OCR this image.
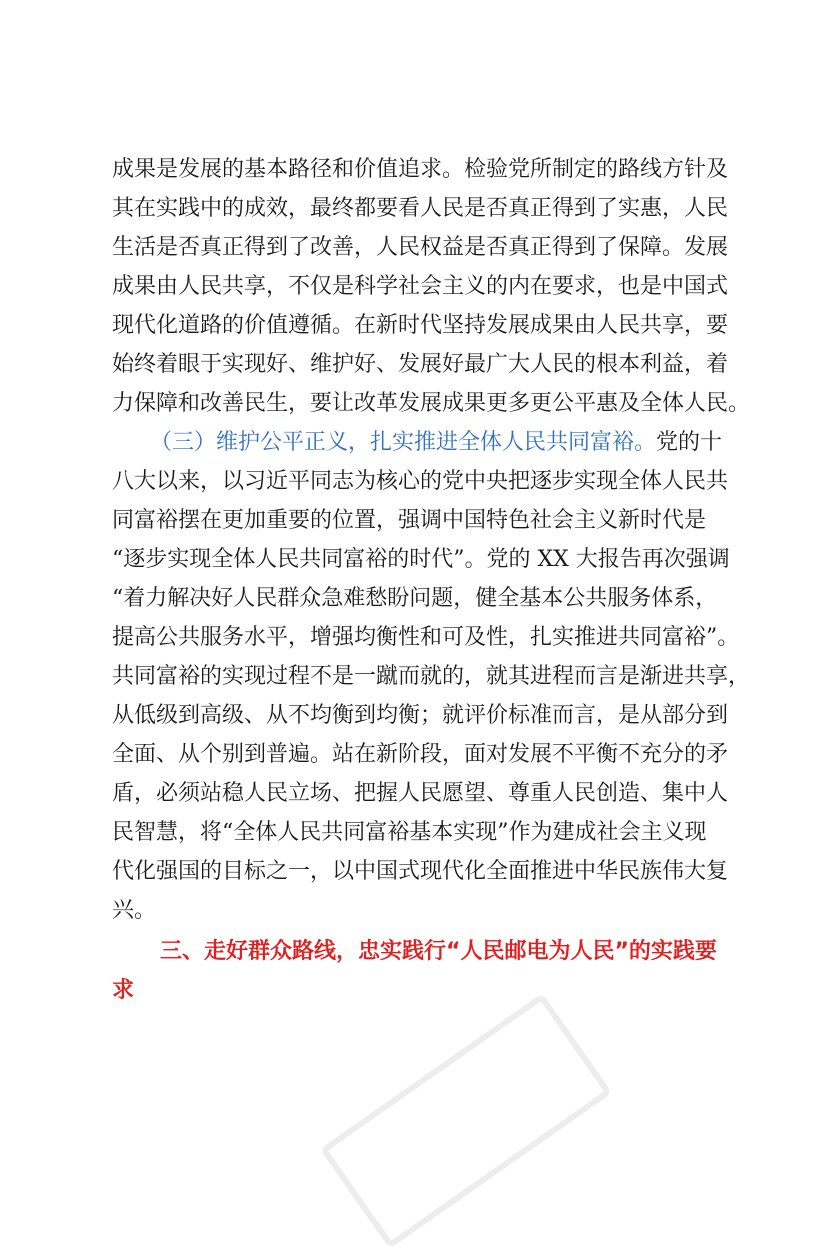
成果是发展的基本路径和价值追求。检验党所制定的路线方针及
其在实践中的成效，最终都要看人民是否真正得到了实惠，人民
生活是否真正得到了改善，人民权益是否真正得到了保障。发展
成果由人民共享，不仅是科学社会主义的内在要求，也是中国式
现代化道路的价值遵循。在新时代坚持发展成果由人民共享，要
始终着眼于实现好、维护好、发展好最广大人民的根本利益，着
力保障和改善民生，要让改革发展成果更多更公平惠及全体人民。
（三）维护公平正义，扎实推进全体人民共同富裕。党的十
八大以来，以习近平同志为核心的党中央把逐步实现全体人民共
同富裕摆在更加重要的位置，强调中国特色社会主义新时代是
“逐步实现全体人民共同富裕的时代”。党的 XX 大报告再次强调
“着力解决好人民群众急难愁盼问题，健全基本公共服务体系，
提高公共服务水平，增强均衡性和可及性，扎实推进共同富裕”。
共同富裕的实现过程不是一蹴而就的，就其进程而言是渐进共享，
从低级到高级、从不均衡到均衡；就评价标准而言，是从部分到
全面、从个别到普遍。站在新阶段，面对发展不平衡不充分的矛
盾，必须站稳人民立场、把握人民愿望、尊重人民创造、集中人
民智慧，将“全体人民共同富裕基本实现”作为建成社会主义现
代化强国的目标之一，以中国式现代化全面推进中华民族伟大复
兴。
三、走好群众路线，忠实践行“人民邮电为人民”的实践要
求
